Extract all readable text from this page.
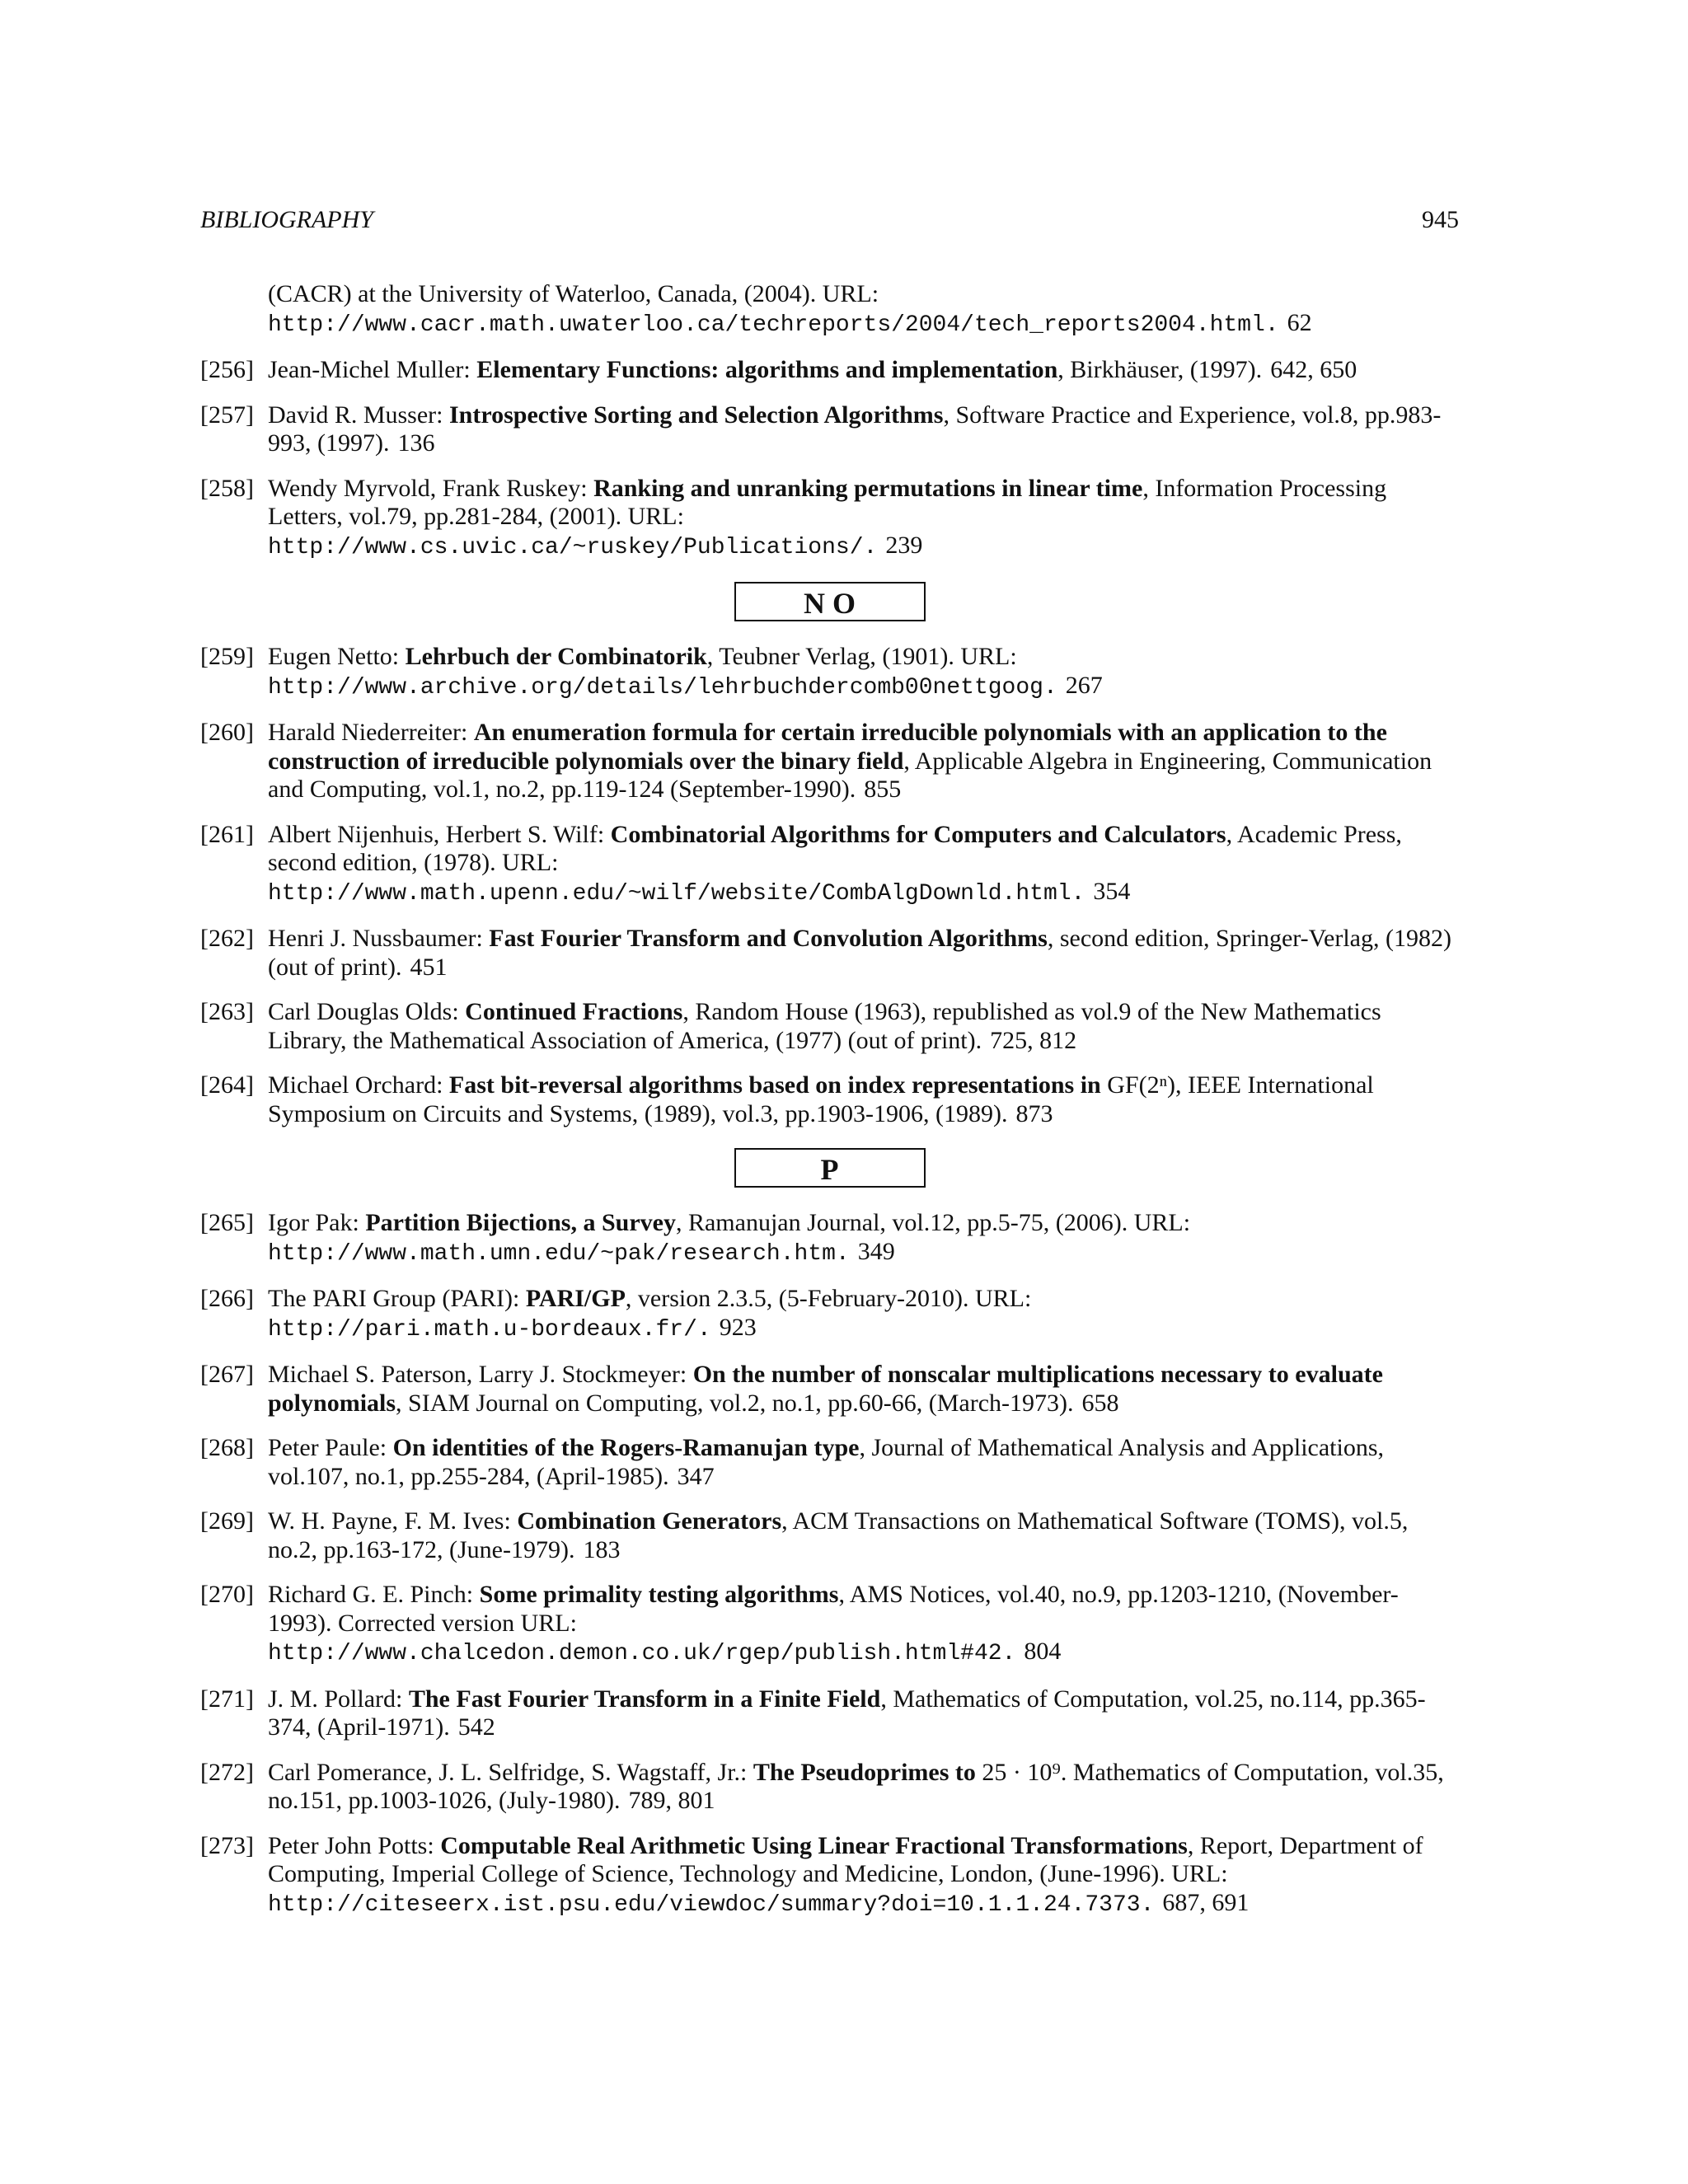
BIBLIOGRAPHY	945
(CACR) at the University of Waterloo, Canada, (2004). URL:
http://www.cacr.math.uwaterloo.ca/techreports/2004/tech_reports2004.html. 62
[256] Jean-Michel Muller: Elementary Functions: algorithms and implementation, Birkhäuser, (1997). 642, 650
[257] David R. Musser: Introspective Sorting and Selection Algorithms, Software Practice and Experience, vol.8, pp.983-993, (1997). 136
[258] Wendy Myrvold, Frank Ruskey: Ranking and unranking permutations in linear time, Information Processing Letters, vol.79, pp.281-284, (2001). URL:
http://www.cs.uvic.ca/~ruskey/Publications/. 239
N O
[259] Eugen Netto: Lehrbuch der Combinatorik, Teubner Verlag, (1901). URL:
http://www.archive.org/details/lehrbuchdercomb00nettgoog. 267
[260] Harald Niederreiter: An enumeration formula for certain irreducible polynomials with an application to the construction of irreducible polynomials over the binary field, Applicable Algebra in Engineering, Communication and Computing, vol.1, no.2, pp.119-124 (September-1990). 855
[261] Albert Nijenhuis, Herbert S. Wilf: Combinatorial Algorithms for Computers and Calculators, Academic Press, second edition, (1978). URL:
http://www.math.upenn.edu/~wilf/website/CombAlgDownld.html. 354
[262] Henri J. Nussbaumer: Fast Fourier Transform and Convolution Algorithms, second edition, Springer-Verlag, (1982) (out of print). 451
[263] Carl Douglas Olds: Continued Fractions, Random House (1963), republished as vol.9 of the New Mathematics Library, the Mathematical Association of America, (1977) (out of print). 725, 812
[264] Michael Orchard: Fast bit-reversal algorithms based on index representations in GF(2ⁿ), IEEE International Symposium on Circuits and Systems, (1989), vol.3, pp.1903-1906, (1989). 873
P
[265] Igor Pak: Partition Bijections, a Survey, Ramanujan Journal, vol.12, pp.5-75, (2006). URL:
http://www.math.umn.edu/~pak/research.htm. 349
[266] The PARI Group (PARI): PARI/GP, version 2.3.5, (5-February-2010). URL:
http://pari.math.u-bordeaux.fr/. 923
[267] Michael S. Paterson, Larry J. Stockmeyer: On the number of nonscalar multiplications necessary to evaluate polynomials, SIAM Journal on Computing, vol.2, no.1, pp.60-66, (March-1973). 658
[268] Peter Paule: On identities of the Rogers-Ramanujan type, Journal of Mathematical Analysis and Applications, vol.107, no.1, pp.255-284, (April-1985). 347
[269] W. H. Payne, F. M. Ives: Combination Generators, ACM Transactions on Mathematical Software (TOMS), vol.5, no.2, pp.163-172, (June-1979). 183
[270] Richard G. E. Pinch: Some primality testing algorithms, AMS Notices, vol.40, no.9, pp.1203-1210, (November-1993). Corrected version URL:
http://www.chalcedon.demon.co.uk/rgep/publish.html#42. 804
[271] J. M. Pollard: The Fast Fourier Transform in a Finite Field, Mathematics of Computation, vol.25, no.114, pp.365-374, (April-1971). 542
[272] Carl Pomerance, J. L. Selfridge, S. Wagstaff, Jr.: The Pseudoprimes to 25 · 10⁹. Mathematics of Computation, vol.35, no.151, pp.1003-1026, (July-1980). 789, 801
[273] Peter John Potts: Computable Real Arithmetic Using Linear Fractional Transformations, Report, Department of Computing, Imperial College of Science, Technology and Medicine, London, (June-1996). URL:
http://citeseerx.ist.psu.edu/viewdoc/summary?doi=10.1.1.24.7373. 687, 691
